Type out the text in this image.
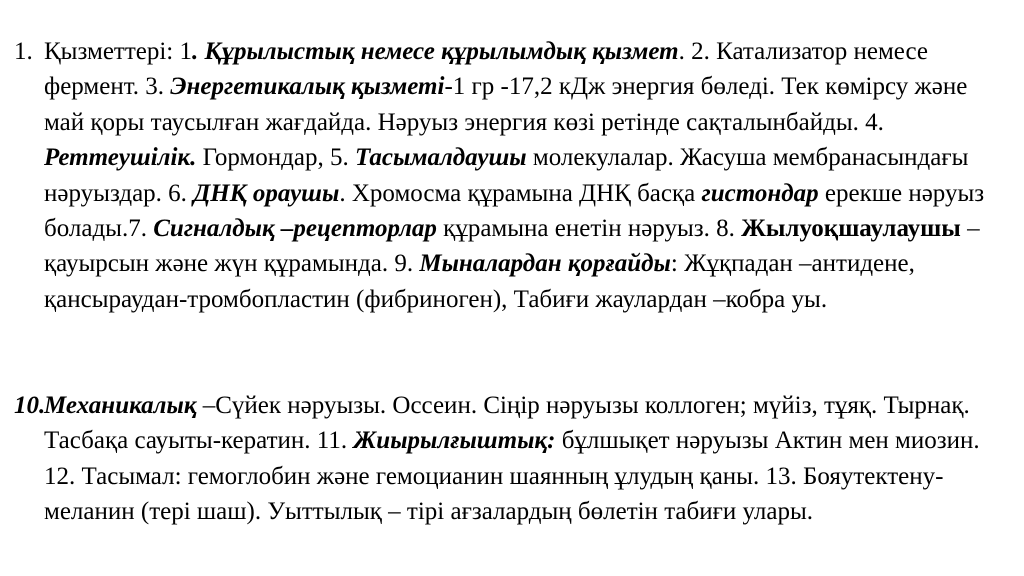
1. Қызметтері: 1. Құрылыстық немесе құрылымдық қызмет. 2. Катализатор немесе фермент. 3. Энергетикалық қызметі-1 гр -17,2 кДж энергия бөледі. Тек көмірсу және май қоры таусылған жағдайда. Нәруыз энергия көзі ретінде сақталынбайды. 4. Реттеушілік. Гормондар, 5. Тасымалдаушы молекулалар. Жасуша мембранасындағы нәруыздар. 6. ДНҚ ораушы. Хромосма құрамына ДНҚ басқа гистондар ерекше нәруыз болады.7. Сигналдық –рецепторлар құрамына енетін нәруыз. 8. Жылуоқшаулаушы –қауырсын және жүн құрамында. 9. Мыналардан қорғайды: Жұқпадан –антидене, қансыраудан-тромбопластин (фибриноген), Табиғи жаулардан –кобра уы.
10.
Механикалық –Сүйек нәруызы. Оссеин. Сіңір нәруызы коллоген; мүйіз, тұяқ. Тырнақ. Тасбақа сауыты-кератин. 11. Жиырылғыштық: бұлшықет нәруызы Актин мен миозин. 12. Тасымал: гемоглобин және гемоцианин шаянның ұлудың қаны. 13. Бояутектену-меланин (тері шаш). Уыттылық – тірі ағзалардың бөлетін табиғи улары.
